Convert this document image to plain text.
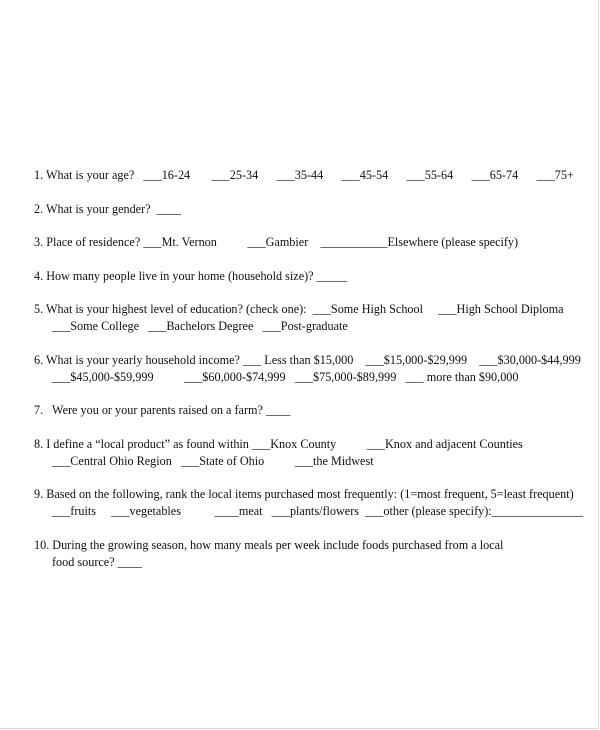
1. What is your age?   ___16-24       ___25-34      ___35-44      ___45-54      ___55-64      ___65-74      ___75+
2. What is your gender?  ____
3. Place of residence? ___Mt. Vernon          ___Gambier    ___________Elsewhere (please specify)
4. How many people live in your home (household size)? _____
5. What is your highest level of education? (check one):  ___Some High School     ___High School Diploma
___Some College   ___Bachelors Degree   ___Post-graduate
6. What is your yearly household income? ___ Less than $15,000    ___$15,000-$29,999    ___$30,000-$44,999
___$45,000-$59,999          ___$60,000-$74,999   ___$75,000-$89,999   ___ more than $90,000
7.   Were you or your parents raised on a farm? ____
8. I define a “local product” as found within ___Knox County          ___Knox and adjacent Counties
___Central Ohio Region   ___State of Ohio          ___the Midwest
9. Based on the following, rank the local items purchased most frequently: (1=most frequent, 5=least frequent)
___fruits     ___vegetables           ____meat   ___plants/flowers  ___other (please specify):_______________
10. During the growing season, how many meals per week include foods purchased from a local
food source? ____
